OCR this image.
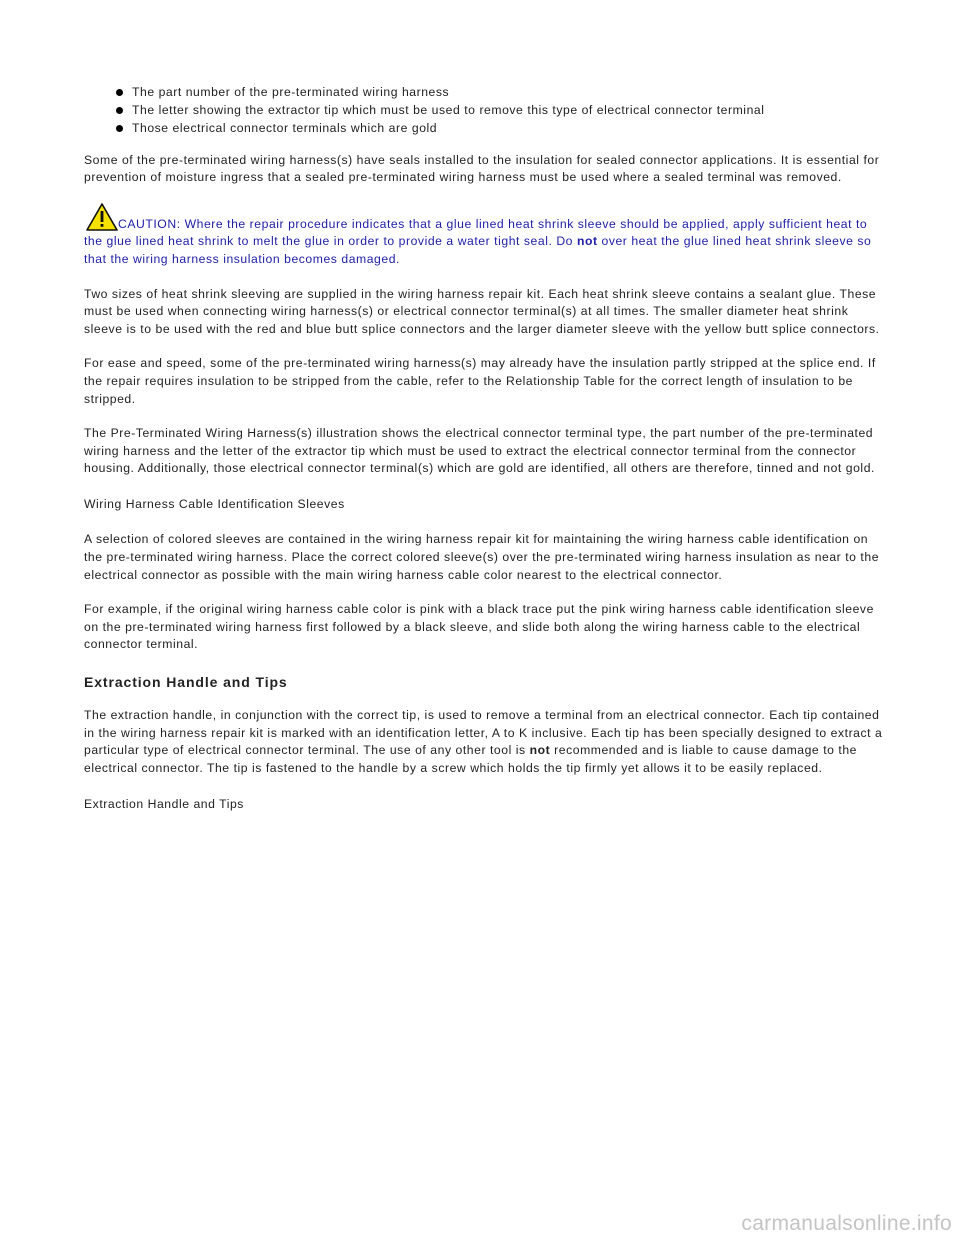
The part number of the pre-terminated wiring harness
The letter showing the extractor tip which must be used to remove this type of electrical connector terminal
Those electrical connector terminals which are gold

Some of the pre-terminated wiring harness(s) have seals installed to the insulation for sealed connector applications. It is essential for prevention of moisture ingress that a sealed pre-terminated wiring harness must be used where a sealed terminal was removed.

CAUTION: Where the repair procedure indicates that a glue lined heat shrink sleeve should be applied, apply sufficient heat to the glue lined heat shrink to melt the glue in order to provide a water tight seal. Do not over heat the glue lined heat shrink sleeve so that the wiring harness insulation becomes damaged.

Two sizes of heat shrink sleeving are supplied in the wiring harness repair kit. Each heat shrink sleeve contains a sealant glue. These must be used when connecting wiring harness(s) or electrical connector terminal(s) at all times. The smaller diameter heat shrink sleeve is to be used with the red and blue butt splice connectors and the larger diameter sleeve with the yellow butt splice connectors.

For ease and speed, some of the pre-terminated wiring harness(s) may already have the insulation partly stripped at the splice end. If the repair requires insulation to be stripped from the cable, refer to the Relationship Table for the correct length of insulation to be stripped.

The Pre-Terminated Wiring Harness(s) illustration shows the electrical connector terminal type, the part number of the pre-terminated wiring harness and the letter of the extractor tip which must be used to extract the electrical connector terminal from the connector housing. Additionally, those electrical connector terminal(s) which are gold are identified, all others are therefore, tinned and not gold.

Wiring Harness Cable Identification Sleeves

A selection of colored sleeves are contained in the wiring harness repair kit for maintaining the wiring harness cable identification on the pre-terminated wiring harness. Place the correct colored sleeve(s) over the pre-terminated wiring harness insulation as near to the electrical connector as possible with the main wiring harness cable color nearest to the electrical connector.

For example, if the original wiring harness cable color is pink with a black trace put the pink wiring harness cable identification sleeve on the pre-terminated wiring harness first followed by a black sleeve, and slide both along the wiring harness cable to the electrical connector terminal.

Extraction Handle and Tips

The extraction handle, in conjunction with the correct tip, is used to remove a terminal from an electrical connector. Each tip contained in the wiring harness repair kit is marked with an identification letter, A to K inclusive. Each tip has been specially designed to extract a particular type of electrical connector terminal. The use of any other tool is not recommended and is liable to cause damage to the electrical connector. The tip is fastened to the handle by a screw which holds the tip firmly yet allows it to be easily replaced.

Extraction Handle and Tips

carmanualsonline.info
